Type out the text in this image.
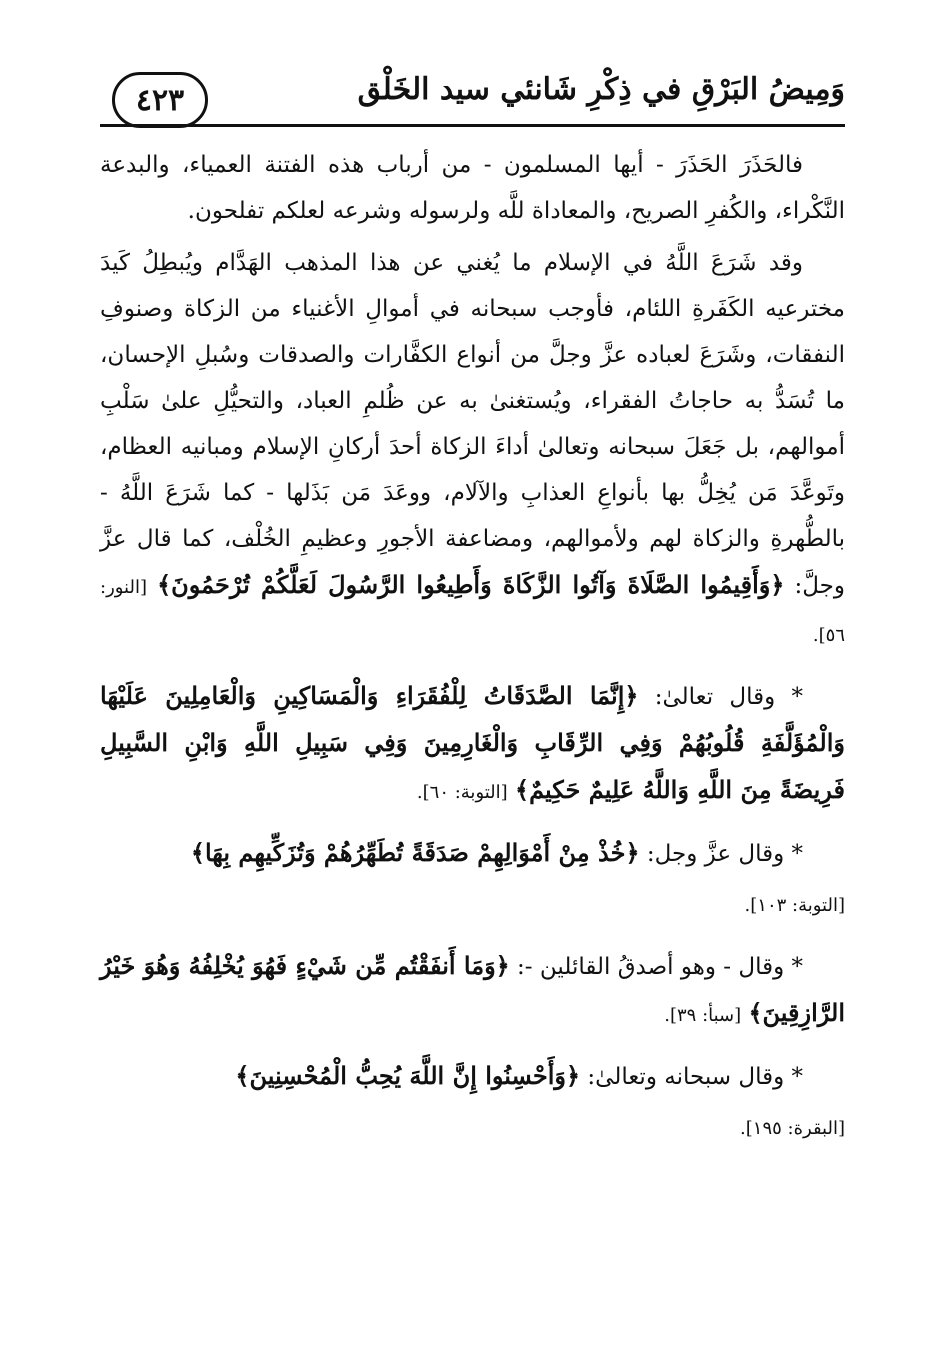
٤٢٣	وَمِيضُ البَرْقِ في ذِكْرِ شَانئي سيد الخَلْق

فالحَذَرَ الحَذَرَ - أيها المسلمون - من أرباب هذه الفتنة العمياء، والبدعة النَّكْراء، والكُفرِ الصريح، والمعاداة للَّه ولرسوله وشرعه لعلكم تفلحون.

وقد شَرَعَ اللَّهُ في الإسلام ما يُغني عن هذا المذهب الهَدَّام ويُبطِلُ كَيدَ مخترعيه الكَفَرةِ اللئام، فأوجب سبحانه في أموالِ الأغنياء من الزكاة وصنوفِ النفقات، وشَرَعَ لعباده عزَّ وجلَّ من أنواع الكفَّارات والصدقات وسُبلِ الإحسان، ما تُسَدُّ به حاجاتُ الفقراء، ويُستغنىٰ به عن ظُلمِ العباد، والتحيُّلِ علىٰ سَلْبِ أموالهم، بل جَعَلَ سبحانه وتعالىٰ أداءَ الزكاة أحدَ أركانِ الإسلام ومبانيه العظام، وتَوعَّدَ مَن يُخِلُّ بها بأنواعِ العذابِ والآلام، ووعَدَ مَن بَذَلها - كما شَرَعَ اللَّهُ - بالطُّهرةِ والزكاة لهم ولأموالهم، ومضاعفة الأجورِ وعظيمِ الخُلْف، كما قال عزَّ وجلَّ: ﴿وَأَقِيمُوا الصَّلَاةَ وَآتُوا الزَّكَاةَ وَأَطِيعُوا الرَّسُولَ لَعَلَّكُمْ تُرْحَمُونَ﴾ [النور: ٥٦].

* وقال تعالىٰ: ﴿إِنَّمَا الصَّدَقَاتُ لِلْفُقَرَاءِ وَالْمَسَاكِينِ وَالْعَامِلِينَ عَلَيْهَا وَالْمُؤَلَّفَةِ قُلُوبُهُمْ وَفِي الرِّقَابِ وَالْغَارِمِينَ وَفِي سَبِيلِ اللَّهِ وَابْنِ السَّبِيلِ فَرِيضَةً مِنَ اللَّهِ وَاللَّهُ عَلِيمٌ حَكِيمٌ﴾ [التوبة: ٦٠].

* وقال عزَّ وجل: ﴿خُذْ مِنْ أَمْوَالِهِمْ صَدَقَةً تُطَهِّرُهُمْ وَتُزَكِّيهِم بِهَا﴾

[التوبة: ١٠٣].

* وقال - وهو أصدقُ القائلين -: ﴿وَمَا أَنفَقْتُم مِّن شَيْءٍ فَهُوَ يُخْلِفُهُ وَهُوَ خَيْرُ الرَّازِقِينَ﴾ [سبأ: ٣٩].

* وقال سبحانه وتعالىٰ: ﴿وَأَحْسِنُوا إِنَّ اللَّهَ يُحِبُّ الْمُحْسِنِينَ﴾

[البقرة: ١٩٥].
